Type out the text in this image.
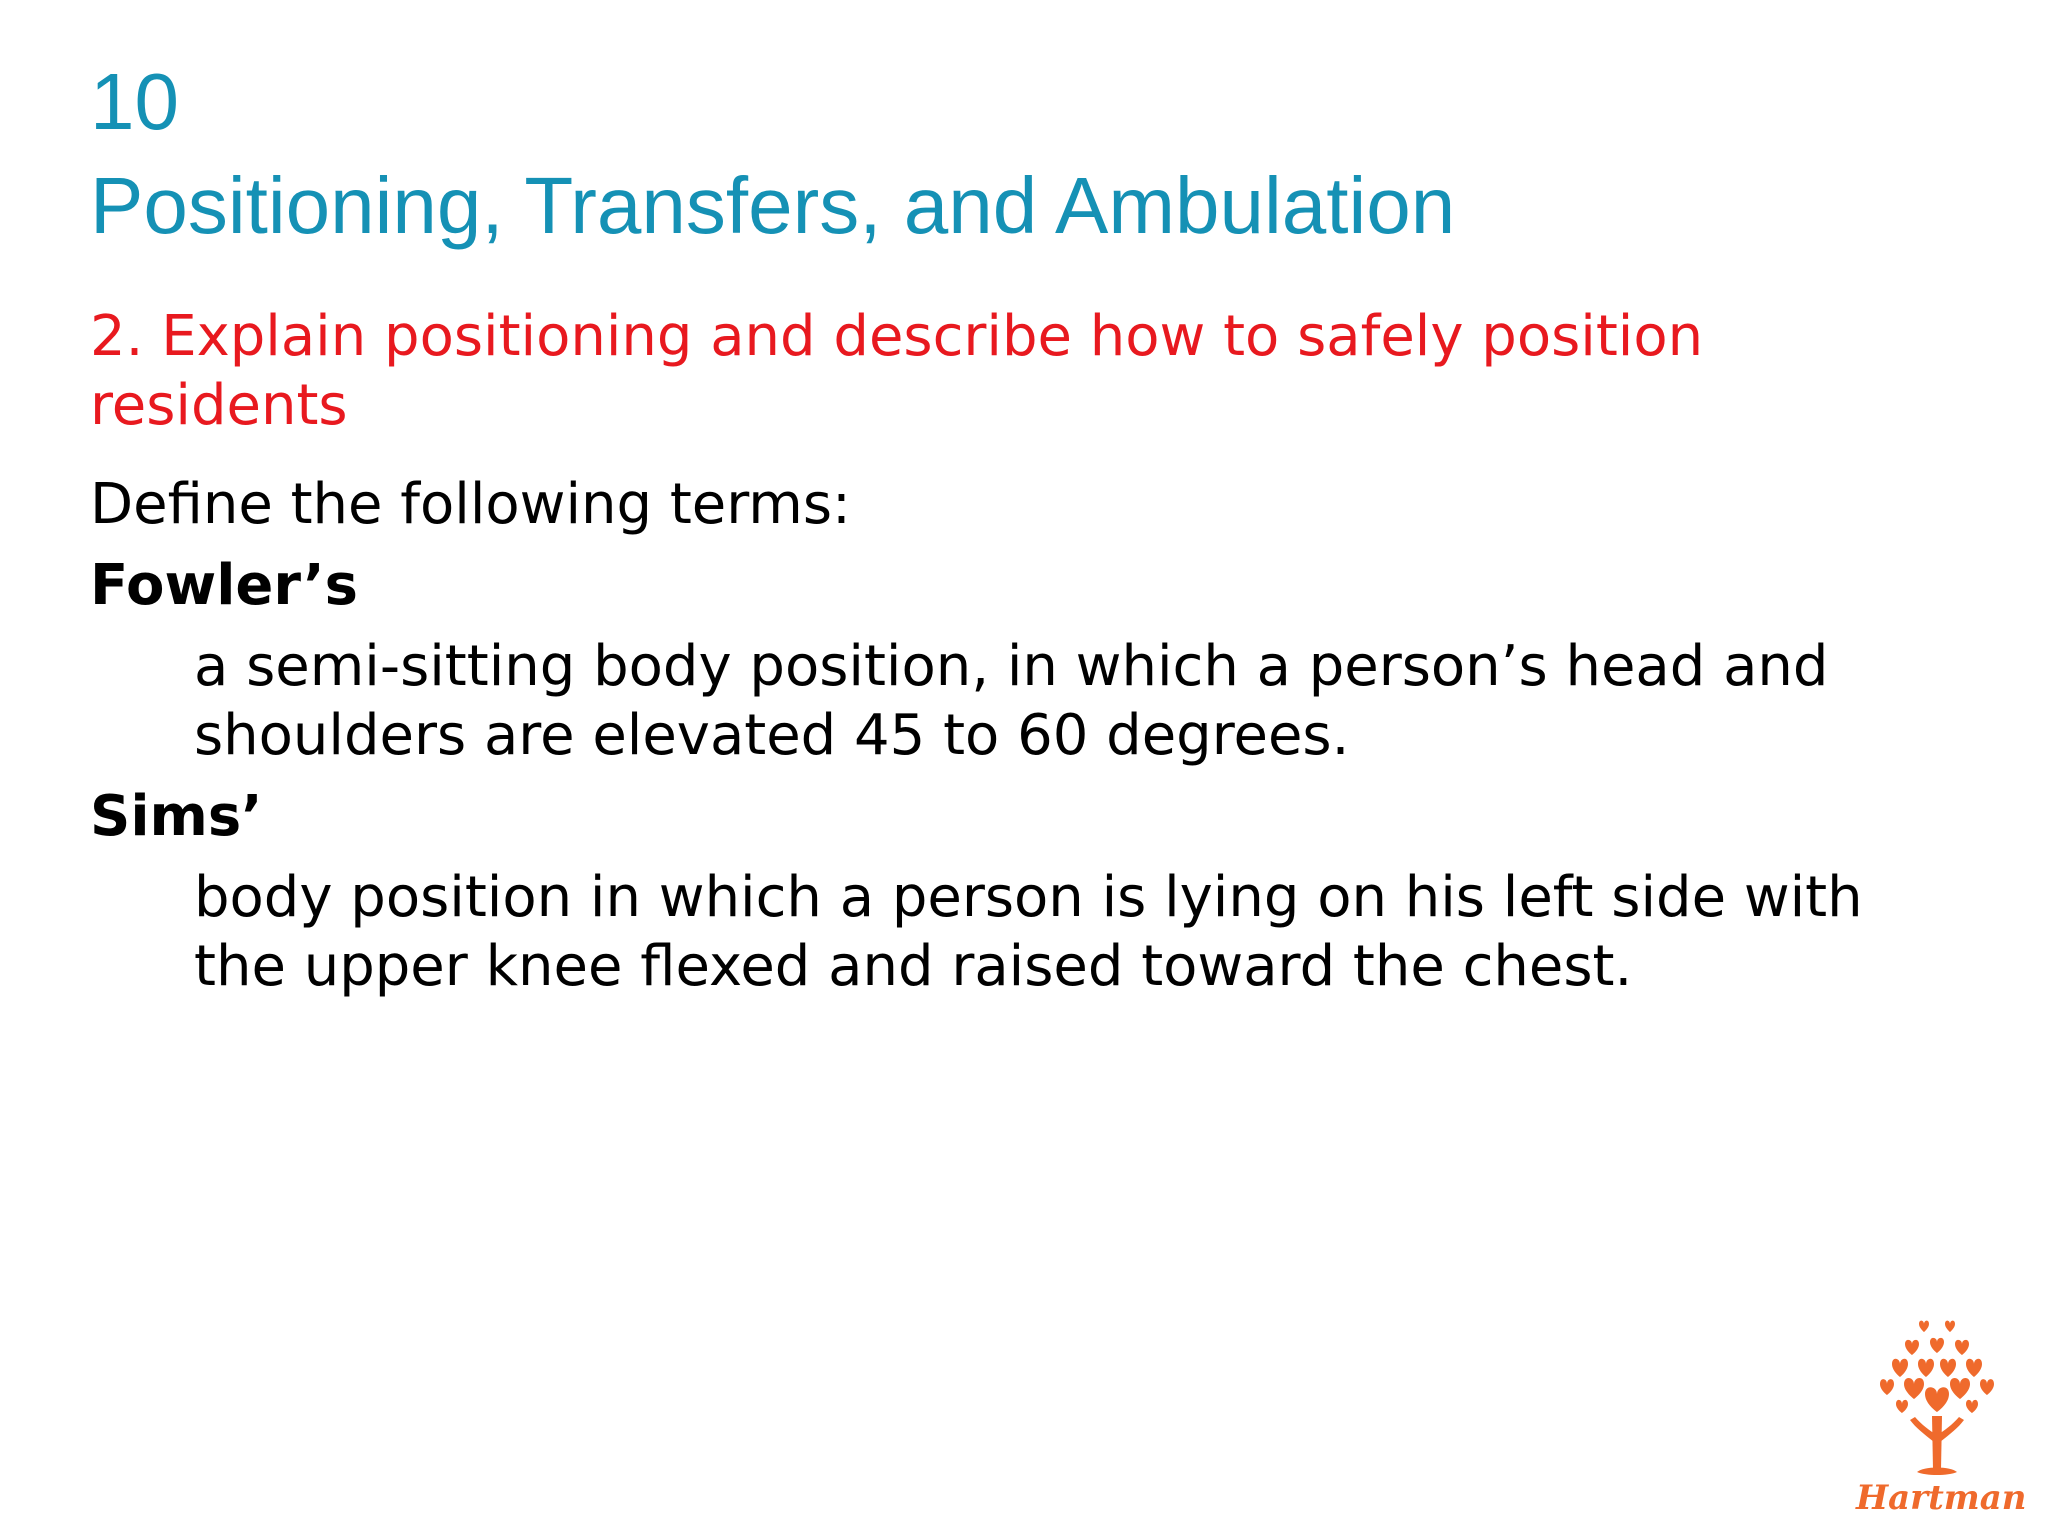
10
Positioning, Transfers, and Ambulation
2. Explain positioning and describe how to safely position residents
Define the following terms:
Fowler’s
a semi-sitting body position, in which a person’s head and shoulders are elevated 45 to 60 degrees.
Sims’
body position in which a person is lying on his left side with the upper knee flexed and raised toward the chest.
Hartman
